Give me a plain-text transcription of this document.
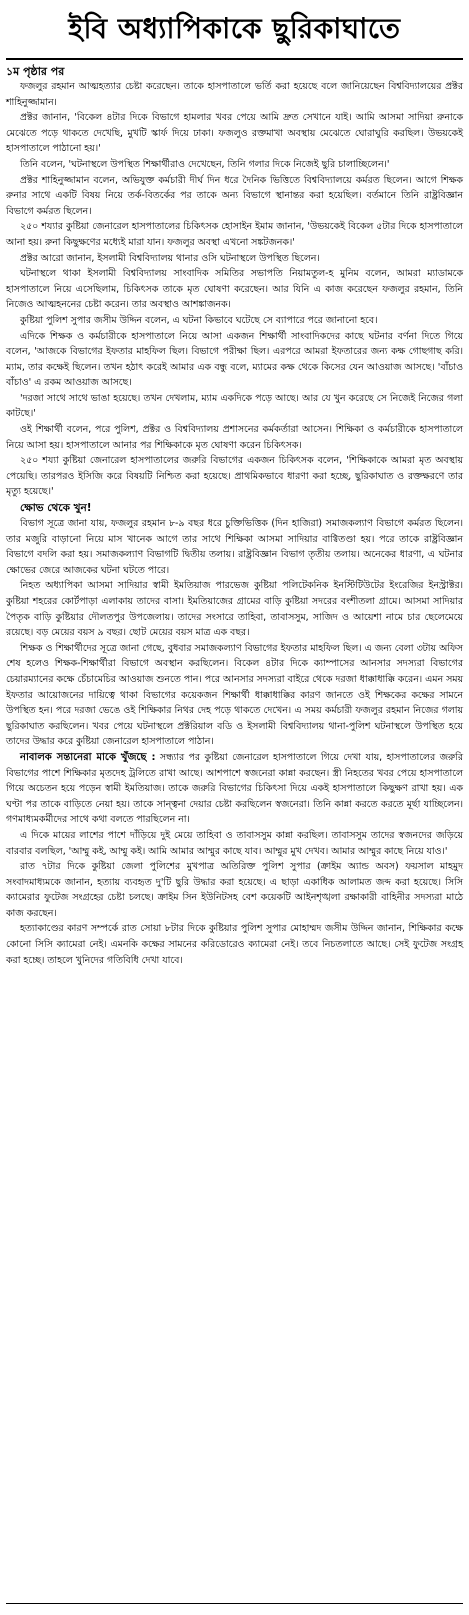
ইবি অধ্যাপিকাকে ছুরিকাঘাতে

১ম পৃষ্ঠার পর

ফজলুর রহমান আত্মহত্যার চেষ্টা করেছেন। তাকে হাসপাতালে ভর্তি করা হয়েছে বলে জানিয়েছেন বিশ্ববিদ্যালয়ের প্রক্টর শাহিনুজ্জামান।

প্রক্টর জানান, 'বিকেল ৪টার দিকে বিভাগে হামলার খবর পেয়ে আমি দ্রুত সেখানে যাই। আমি আসমা সাদিয়া রুনাকে মেঝেতে পড়ে থাকতে দেখেছি, মুখটি স্কার্ফ দিয়ে ঢাকা। ফজলুও রক্তমাখা অবস্থায় মেঝেতে ঘোরাঘুরি করছিল। উভয়কেই হাসপাতালে পাঠানো হয়।'

তিনি বলেন, 'ঘটনাস্থলে উপস্থিত শিক্ষার্থীরাও দেখেছেন, তিনি গলার দিকে নিজেই ছুরি চালাচ্ছিলেন।'

প্রক্টর শাহিনুজ্জামান বলেন, অভিযুক্ত কর্মচারী দীর্ঘ দিন ধরে দৈনিক ভিত্তিতে বিশ্ববিদ্যালয়ে কর্মরত ছিলেন। আগে শিক্ষক রুনার সাথে একটি বিষয় নিয়ে তর্ক-বিতর্কের পর তাকে অন্য বিভাগে স্থানান্তর করা হয়েছিল। বর্তমানে তিনি রাষ্ট্রবিজ্ঞান বিভাগে কর্মরত ছিলেন।

২৫০ শয্যার কুষ্টিয়া জেনারেল হাসপাতালের চিকিৎসক হোসাইন ইমাম জানান, 'উভয়কেই বিকেল ৫টার দিকে হাসপাতালে আনা হয়। রুনা কিছুক্ষণের মধ্যেই মারা যান। ফজলুর অবস্থা এখনো সঙ্কটজনক।'

প্রক্টর আরো জানান, ইসলামী বিশ্ববিদ্যালয় থানার ওসি ঘটনাস্থলে উপস্থিত ছিলেন।

ঘটনাস্থলে থাকা ইসলামী বিশ্ববিদ্যালয় সাংবাদিক সমিতির সভাপতি নিয়ামতুল-হ মুনিম বলেন, আমরা ম্যাডামকে হাসপাতালে নিয়ে এসেছিলাম, চিকিৎসক তাকে মৃত ঘোষণা করেছেন। আর যিনি এ কাজ করেছেন ফজলুর রহমান, তিনি নিজেও আত্মহননের চেষ্টা করেন। তার অবস্থাও আশঙ্কাজনক।

কুষ্টিয়া পুলিশ সুপার জসীম উদ্দিন বলেন, এ ঘটনা কিভাবে ঘটেছে সে ব্যাপারে পরে জানানো হবে।

এদিকে শিক্ষক ও কর্মচারীকে হাসপাতালে নিয়ে আসা একজন শিক্ষার্থী সাংবাদিকদের কাছে ঘটনার বর্ণনা দিতে গিয়ে বলেন, 'আজকে বিভাগের ইফতার মাহফিল ছিল। বিভাগে পরীক্ষা ছিল। এরপরে আমরা ইফতারের জন্য কক্ষ গোছগাছ করি। ম্যাম, তার কক্ষেই ছিলেন। তখন হঠাৎ করেই আমার এক বন্ধু বলে, ম্যামের কক্ষ থেকে কিসের যেন আওয়াজ আসছে। 'বাঁচাও বাঁচাও' এ রকম আওয়াজ আসছে।

'দরজা সাথে সাথে ভাঙা হয়েছে। তখন দেখলাম, ম্যাম একদিকে পড়ে আছে। আর যে খুন করেছে সে নিজেই নিজের গলা কাটছে।'

ওই শিক্ষার্থী বলেন, পরে পুলিশ, প্রক্টর ও বিশ্ববিদ্যালয় প্রশাসনের কর্মকর্তারা আসেন। শিক্ষিকা ও কর্মচারীকে হাসপাতালে নিয়ে আসা হয়। হাসপাতালে আনার পর শিক্ষিকাকে মৃত ঘোষণা করেন চিকিৎসক।

২৫০ শয্যা কুষ্টিয়া জেনারেল হাসপাতালের জরুরি বিভাগের একজন চিকিৎসক বলেন, 'শিক্ষিকাকে আমরা মৃত অবস্থায় পেয়েছি। তারপরও ইসিজি করে বিষয়টি নিশ্চিত করা হয়েছে। প্রাথমিকভাবে ধারণা করা হচ্ছে, ছুরিকাঘাত ও রক্তক্ষরণে তার মৃত্যু হয়েছে।'

ক্ষোভ থেকে খুন!

বিভাগ সূত্রে জানা যায়, ফজলুর রহমান ৮-৯ বছর ধরে চুক্তিভিত্তিক (দিন হাজিরা) সমাজকল্যাণ বিভাগে কর্মরত ছিলেন। তার মজুরি বাড়ানো নিয়ে মাস খানেক আগে তার সাথে শিক্ষিকা আসমা সাদিয়ার বাগ্বিতণ্ডা হয়। পরে তাকে রাষ্ট্রবিজ্ঞান বিভাগে বদলি করা হয়। সমাজকল্যাণ বিভাগটি দ্বিতীয় তলায়। রাষ্ট্রবিজ্ঞান বিভাগ তৃতীয় তলায়। অনেকের ধারণা, এ ঘটনার ক্ষোভের জেরে আজকের ঘটনা ঘটতে পারে।

নিহত অধ্যাপিকা আসমা সাদিয়ার স্বামী ইমতিয়াজ পারভেজ কুষ্টিয়া পলিটেকনিক ইনস্টিটিউটের ইংরেজির ইনস্ট্রাক্টর। কুষ্টিয়া শহরের কোর্টপাড়া এলাকায় তাদের বাসা। ইমতিয়াজের গ্রামের বাড়ি কুষ্টিয়া সদরের বংশীতলা গ্রামে। আসমা সাদিয়ার পৈতৃক বাড়ি কুষ্টিয়ার দৌলতপুর উপজেলায়। তাদের সংসারে তাহিবা, তাবাসসুম, সাজিদ ও আয়েশা নামে চার ছেলেমেয়ে রয়েছে। বড় মেয়ের বয়স ৯ বছর। ছোট মেয়ের বয়স মাত্র এক বছর।

শিক্ষক ও শিক্ষার্থীদের সূত্রে জানা গেছে, বুধবার সমাজকল্যাণ বিভাগের ইফতার মাহফিল ছিল। এ জন্য বেলা ৩টায় অফিস শেষ হলেও শিক্ষক-শিক্ষার্থীরা বিভাগে অবস্থান করছিলেন। বিকেল ৪টার দিকে ক্যাম্পাসের আনসার সদস্যরা বিভাগের চেয়ারম্যানের কক্ষে চেঁচামেচির আওয়াজ শুনতে পান। পরে আনসার সদস্যরা বাইরে থেকে দরজা ধাক্কাধাক্কি করেন। এমন সময় ইফতার আয়োজনের দায়িত্বে থাকা বিভাগের কয়েকজন শিক্ষার্থী ধাক্কাধাক্কির কারণ জানতে ওই শিক্ষকের কক্ষের সামনে উপস্থিত হন। পরে দরজা ভেঙে ওই শিক্ষিকার নিথর দেহ পড়ে থাকতে দেখেন। এ সময় কর্মচারী ফজলুর রহমান নিজের গলায় ছুরিকাঘাত করছিলেন। খবর পেয়ে ঘটনাস্থলে প্রক্টরিয়াল বডি ও ইসলামী বিশ্ববিদ্যালয় থানা-পুলিশ ঘটনাস্থলে উপস্থিত হয়ে তাদের উদ্ধার করে কুষ্টিয়া জেনারেল হাসপাতালে পাঠান।

নাবালক সন্তানেরা মাকে খুঁজছে : সন্ধ্যার পর কুষ্টিয়া জেনারেল হাসপাতালে গিয়ে দেখা যায়, হাসপাতালের জরুরি বিভাগের পাশে শিক্ষিকার মৃতদেহ ট্রলিতে রাখা আছে। আশপাশে স্বজনেরা কান্না করছেন। স্ত্রী নিহতের খবর পেয়ে হাসপাতালে গিয়ে অচেতন হয়ে পড়েন স্বামী ইমতিয়াজ। তাকে জরুরি বিভাগের চিকিৎসা দিয়ে একই হাসপাতালে কিছুক্ষণ রাখা হয়। এক ঘণ্টা পর তাকে বাড়িতে নেয়া হয়। তাকে সান্ত্বনা দেয়ার চেষ্টা করছিলেন স্বজনেরা। তিনি কান্না করতে করতে মূর্ছা যাচ্ছিলেন। গণমাধ্যমকর্মীদের সাথে কথা বলতে পারছিলেন না।

এ দিকে মায়ের লাশের পাশে দাঁড়িয়ে দুই মেয়ে তাহিবা ও তাবাসসুম কান্না করছিল। তাবাসসুম তাদের স্বজনদের জড়িয়ে বারবার বলছিল, 'আম্মু কই, আম্মু কই। আমি আমার আম্মুর কাছে যাব। আম্মুর মুখ দেখব। আমার আম্মুর কাছে নিয়ে যাও।'

রাত ৭টার দিকে কুষ্টিয়া জেলা পুলিশের মুখপাত্র অতিরিক্ত পুলিশ সুপার (ক্রাইম অ্যান্ড অবস) ফয়সাল মাহমুদ সংবাদমাধ্যমকে জানান, হত্যায় ব্যবহৃত দু'টি ছুরি উদ্ধার করা হয়েছে। এ ছাড়া একাধিক আলামত জব্দ করা হয়েছে। সিসি ক্যামেরার ফুটেজ সংগ্রহের চেষ্টা চলছে। ক্রাইম সিন ইউনিটসহ বেশ কয়েকটি আইনশৃঙ্খলা রক্ষাকারী বাহিনীর সদস্যরা মাঠে কাজ করছেন।

হত্যাকাণ্ডের কারণ সম্পর্কে রাত সোয়া ৮টার দিকে কুষ্টিয়ার পুলিশ সুপার মোহাম্মদ জসীম উদ্দিন জানান, শিক্ষিকার কক্ষে কোনো সিসি ক্যামেরা নেই। এমনকি কক্ষের সামনের করিডোরেও ক্যামেরা নেই। তবে নিচতলাতে আছে। সেই ফুটেজ সংগ্রহ করা হচ্ছে। তাহলে খুনিদের গতিবিধি দেখা যাবে।
